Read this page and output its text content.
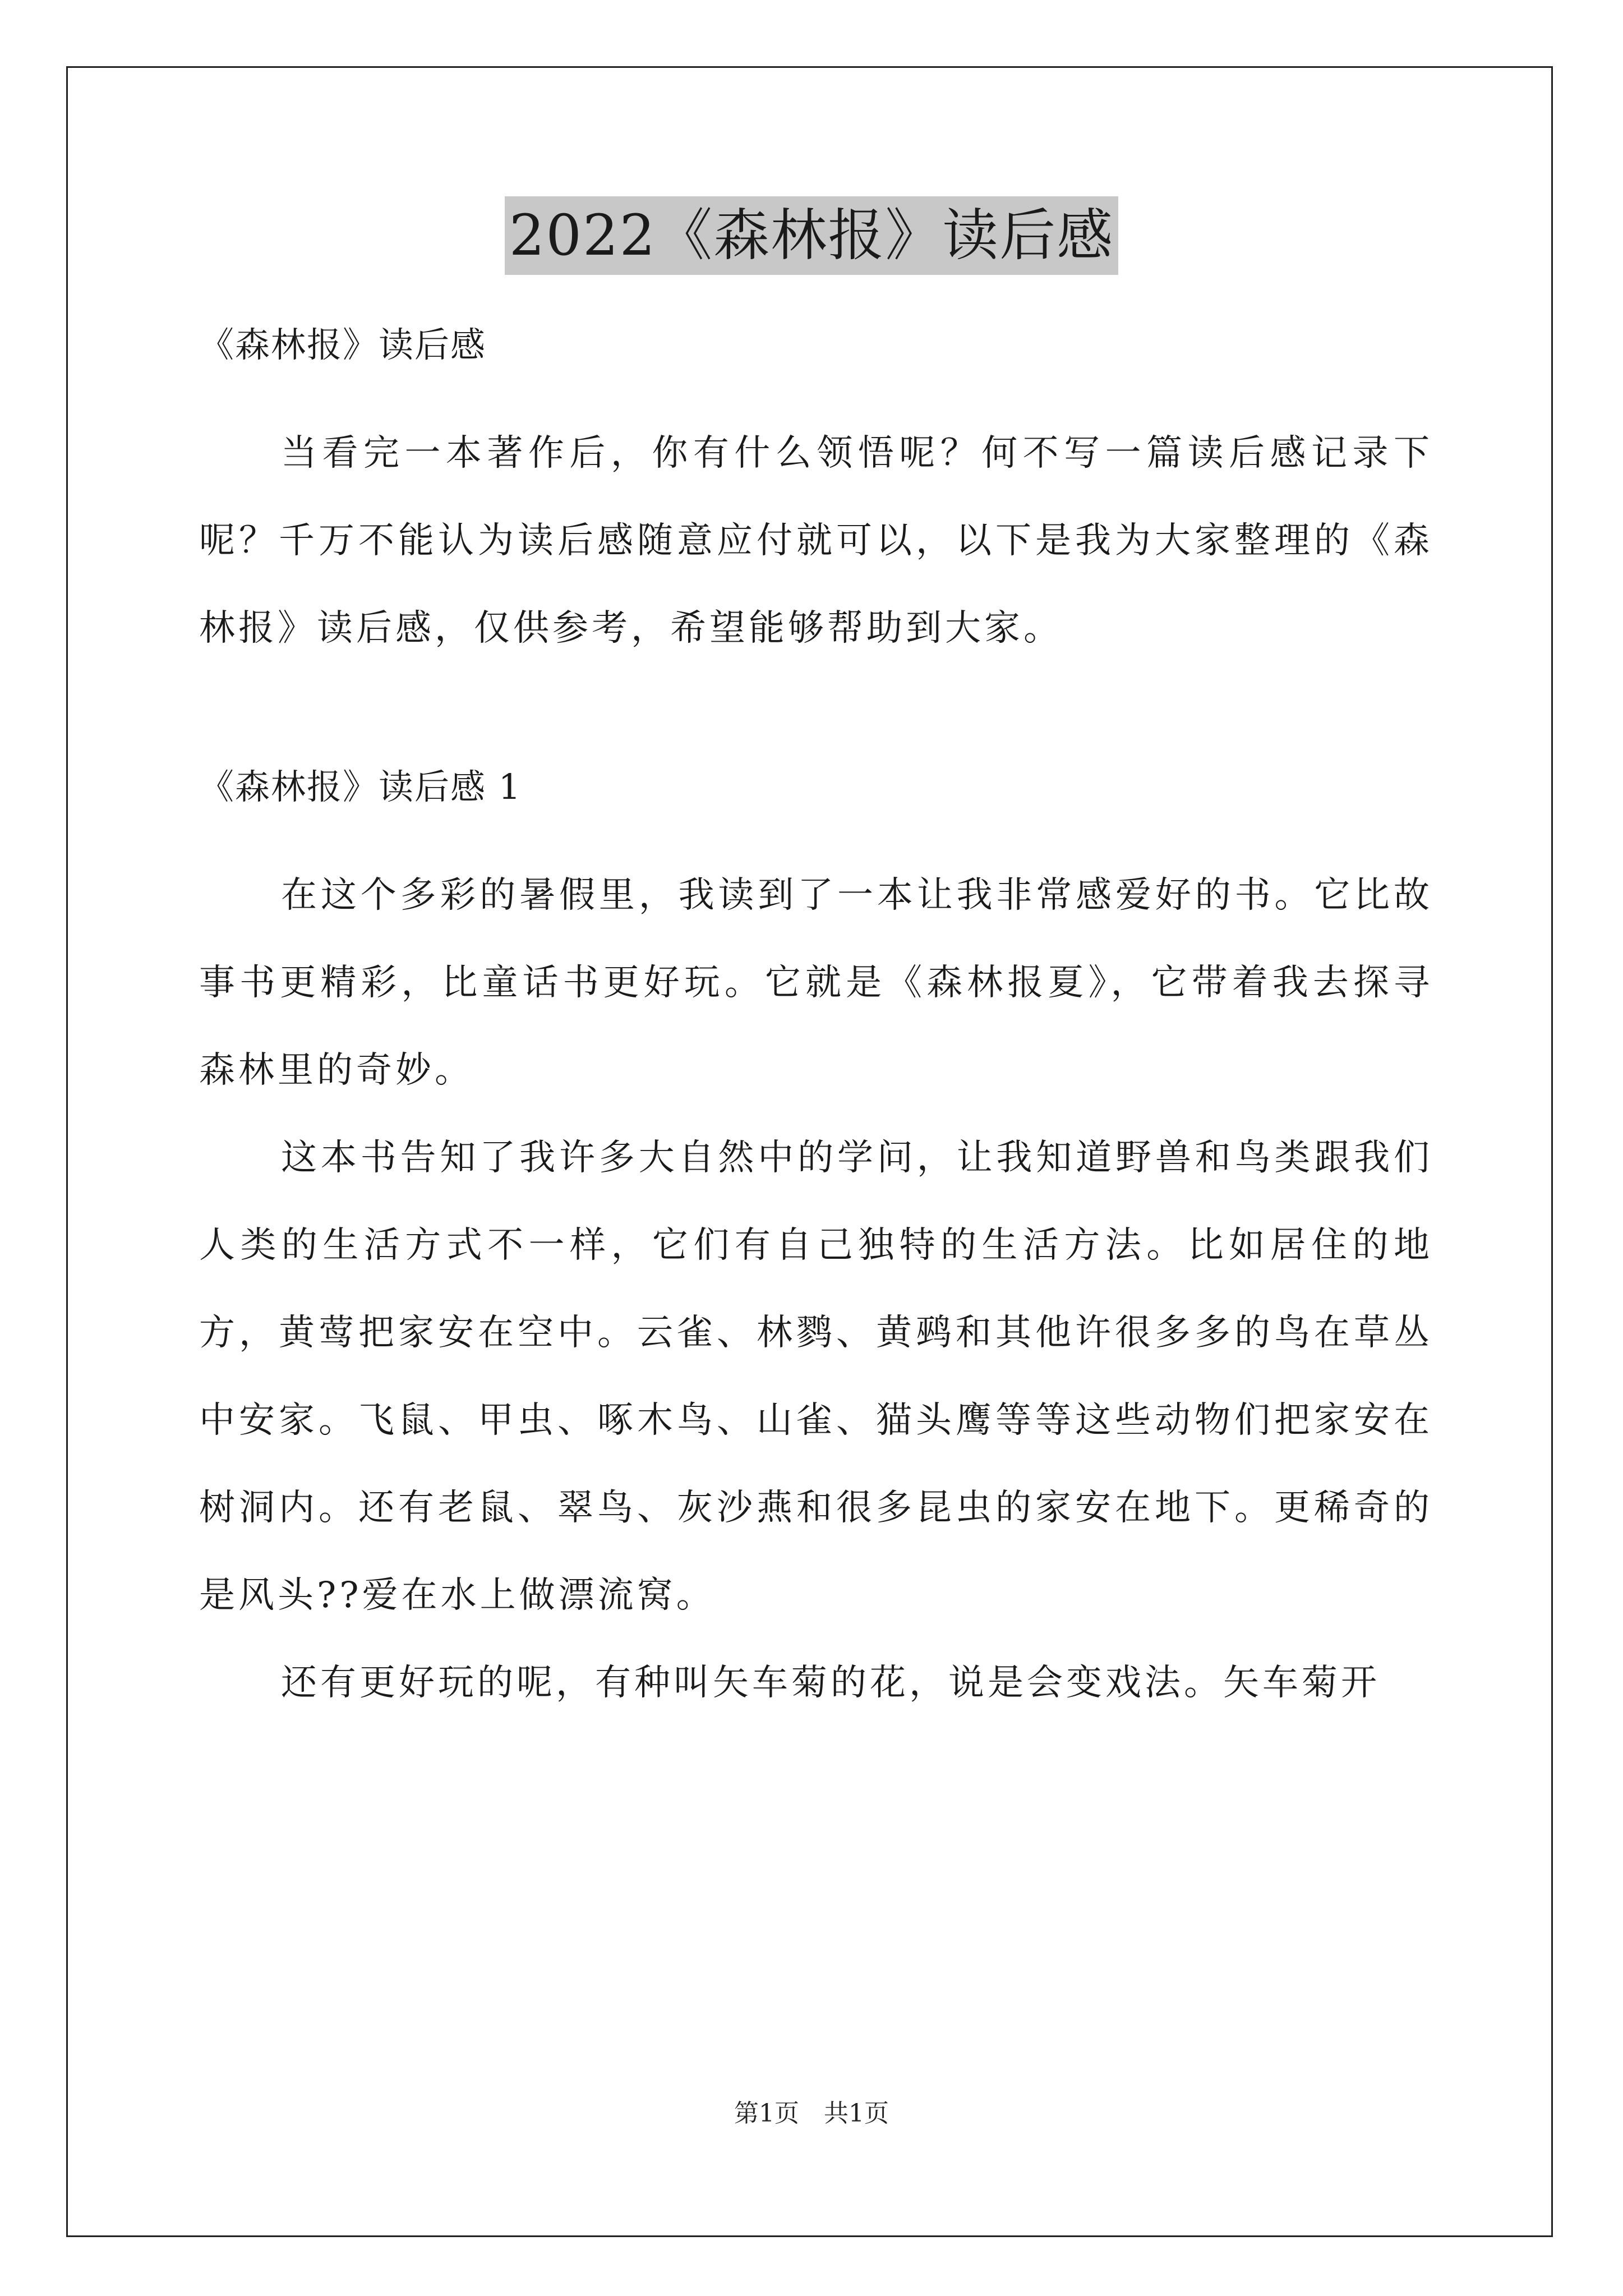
2022《森林报》读后感

《森林报》读后感

当看完一本著作后，你有什么领悟呢？何不写一篇读后感记录下呢？千万不能认为读后感随意应付就可以，以下是我为大家整理的《森林报》读后感，仅供参考，希望能够帮助到大家。

《森林报》读后感 1

在这个多彩的暑假里，我读到了一本让我非常感爱好的书。它比故事书更精彩，比童话书更好玩。它就是《森林报夏》，它带着我去探寻森林里的奇妙。

这本书告知了我许多大自然中的学问，让我知道野兽和鸟类跟我们人类的生活方式不一样，它们有自己独特的生活方法。比如居住的地方，黄莺把家安在空中。云雀、林鹨、黄鹀和其他许很多多的鸟在草丛中安家。飞鼠、甲虫、啄木鸟、山雀、猫头鹰等等这些动物们把家安在树洞内。还有老鼠、翠鸟、灰沙燕和很多昆虫的家安在地下。更稀奇的是风头??爱在水上做漂流窝。

还有更好玩的呢，有种叫矢车菊的花，说是会变戏法。矢车菊开

第1页　共1页
